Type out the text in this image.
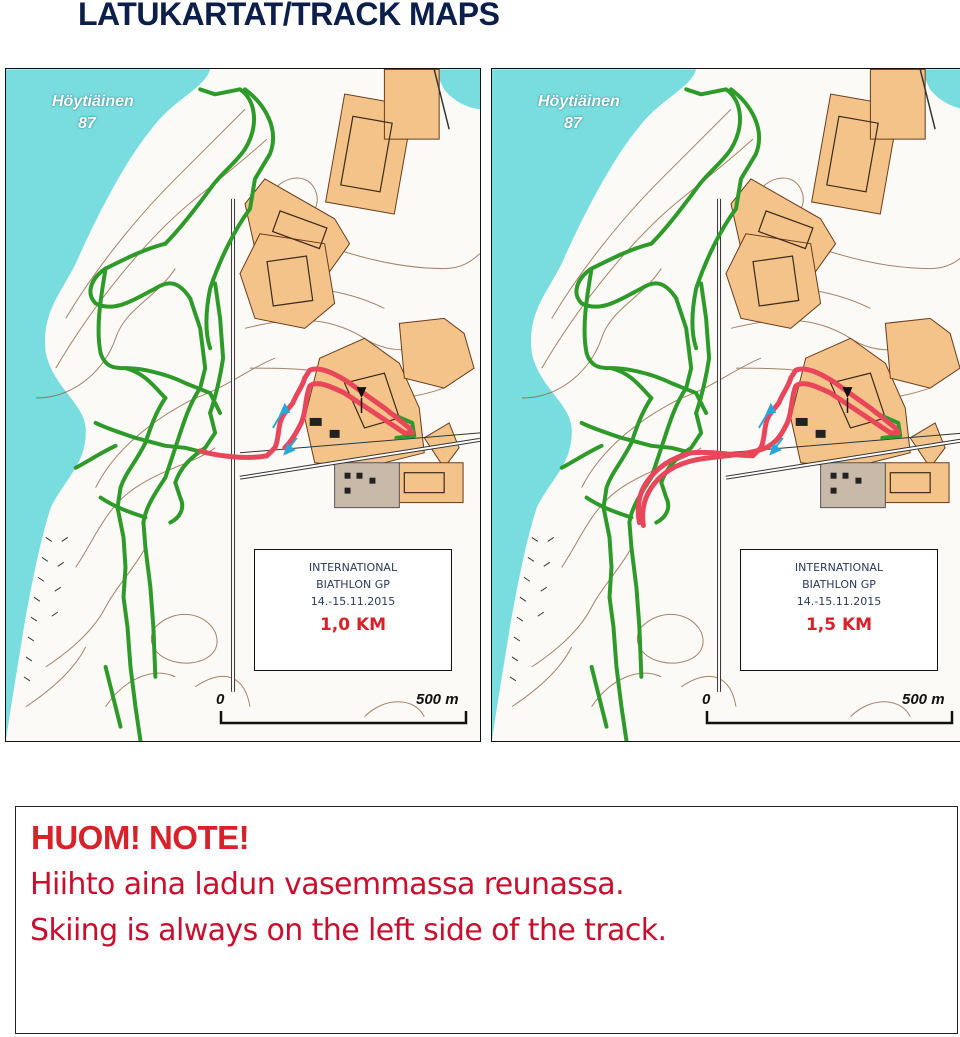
LATUKARTAT/TRACK MAPS
Höytiäinen
87
INTERNATIONAL
BIATHLON GP
14.-15.11.2015
1,0 KM
0	500 m
Höytiäinen
87
INTERNATIONAL
BIATHLON GP
14.-15.11.2015
1,5 KM
0	500 m
HUOM! NOTE!
Hiihto aina ladun vasemmassa reunassa.
Skiing is always on the left side of the track.
